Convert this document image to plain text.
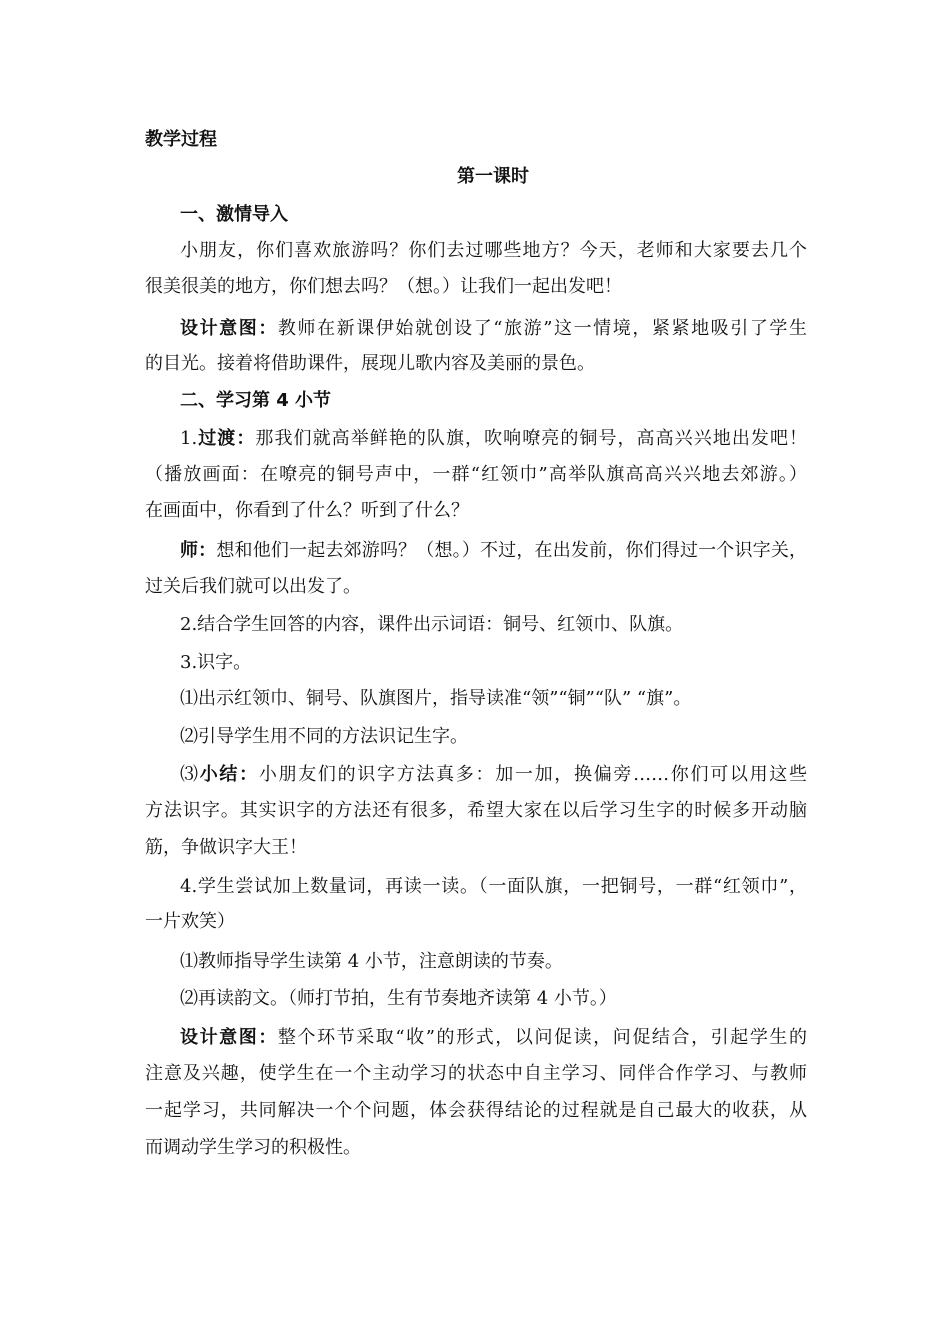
教学过程
第一课时
一、激情导入
小朋友，你们喜欢旅游吗？你们去过哪些地方？今天，老师和大家要去几个
很美很美的地方，你们想去吗？（想。）让我们一起出发吧！
设计意图：教师在新课伊始就创设了“旅游”这一情境，紧紧地吸引了学生
的目光。接着将借助课件，展现儿歌内容及美丽的景色。
二、学习第 4 小节
1.过渡：那我们就高举鲜艳的队旗，吹响嘹亮的铜号，高高兴兴地出发吧！
（播放画面：在嘹亮的铜号声中，一群“红领巾”高举队旗高高兴兴地去郊游。）
在画面中，你看到了什么？听到了什么？
师：想和他们一起去郊游吗？（想。）不过，在出发前，你们得过一个识字关，
过关后我们就可以出发了。
2.结合学生回答的内容，课件出示词语：铜号、红领巾、队旗。
3.识字。
⑴出示红领巾、铜号、队旗图片，指导读准“领”“铜”“队” “旗”。
⑵引导学生用不同的方法识记生字。
⑶小结：小朋友们的识字方法真多：加一加，换偏旁……你们可以用这些
方法识字。其实识字的方法还有很多，希望大家在以后学习生字的时候多开动脑
筋，争做识字大王！
4.学生尝试加上数量词，再读一读。（一面队旗，一把铜号，一群“红领巾”，
一片欢笑）
⑴教师指导学生读第 4 小节，注意朗读的节奏。
⑵再读韵文。（师打节拍，生有节奏地齐读第 4 小节。）
设计意图：整个环节采取“收”的形式，以问促读，问促结合，引起学生的
注意及兴趣，使学生在一个主动学习的状态中自主学习、同伴合作学习、与教师
一起学习，共同解决一个个问题，体会获得结论的过程就是自己最大的收获，从
而调动学生学习的积极性。
